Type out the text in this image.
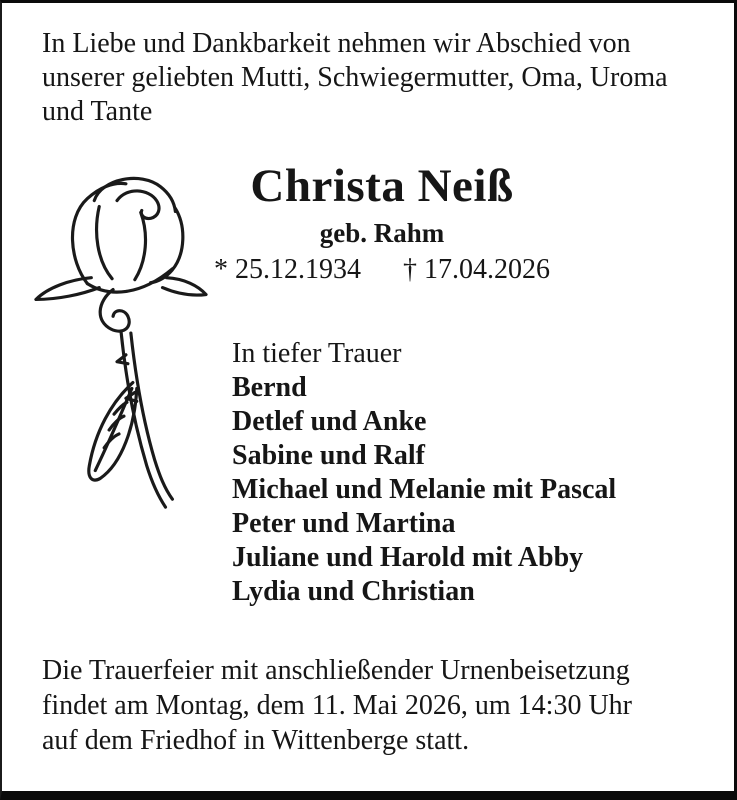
In Liebe und Dankbarkeit nehmen wir Abschied von
unserer geliebten Mutti, Schwiegermutter, Oma, Uroma
und Tante
Christa Neiß
geb. Rahm
* 25.12.1934 † 17.04.2026
In tiefer Trauer
Bernd
Detlef und Anke
Sabine und Ralf
Michael und Melanie mit Pascal
Peter und Martina
Juliane und Harold mit Abby
Lydia und Christian
Die Trauerfeier mit anschließender Urnenbeisetzung
findet am Montag, dem 11. Mai 2026, um 14:30 Uhr
auf dem Friedhof in Wittenberge statt.
